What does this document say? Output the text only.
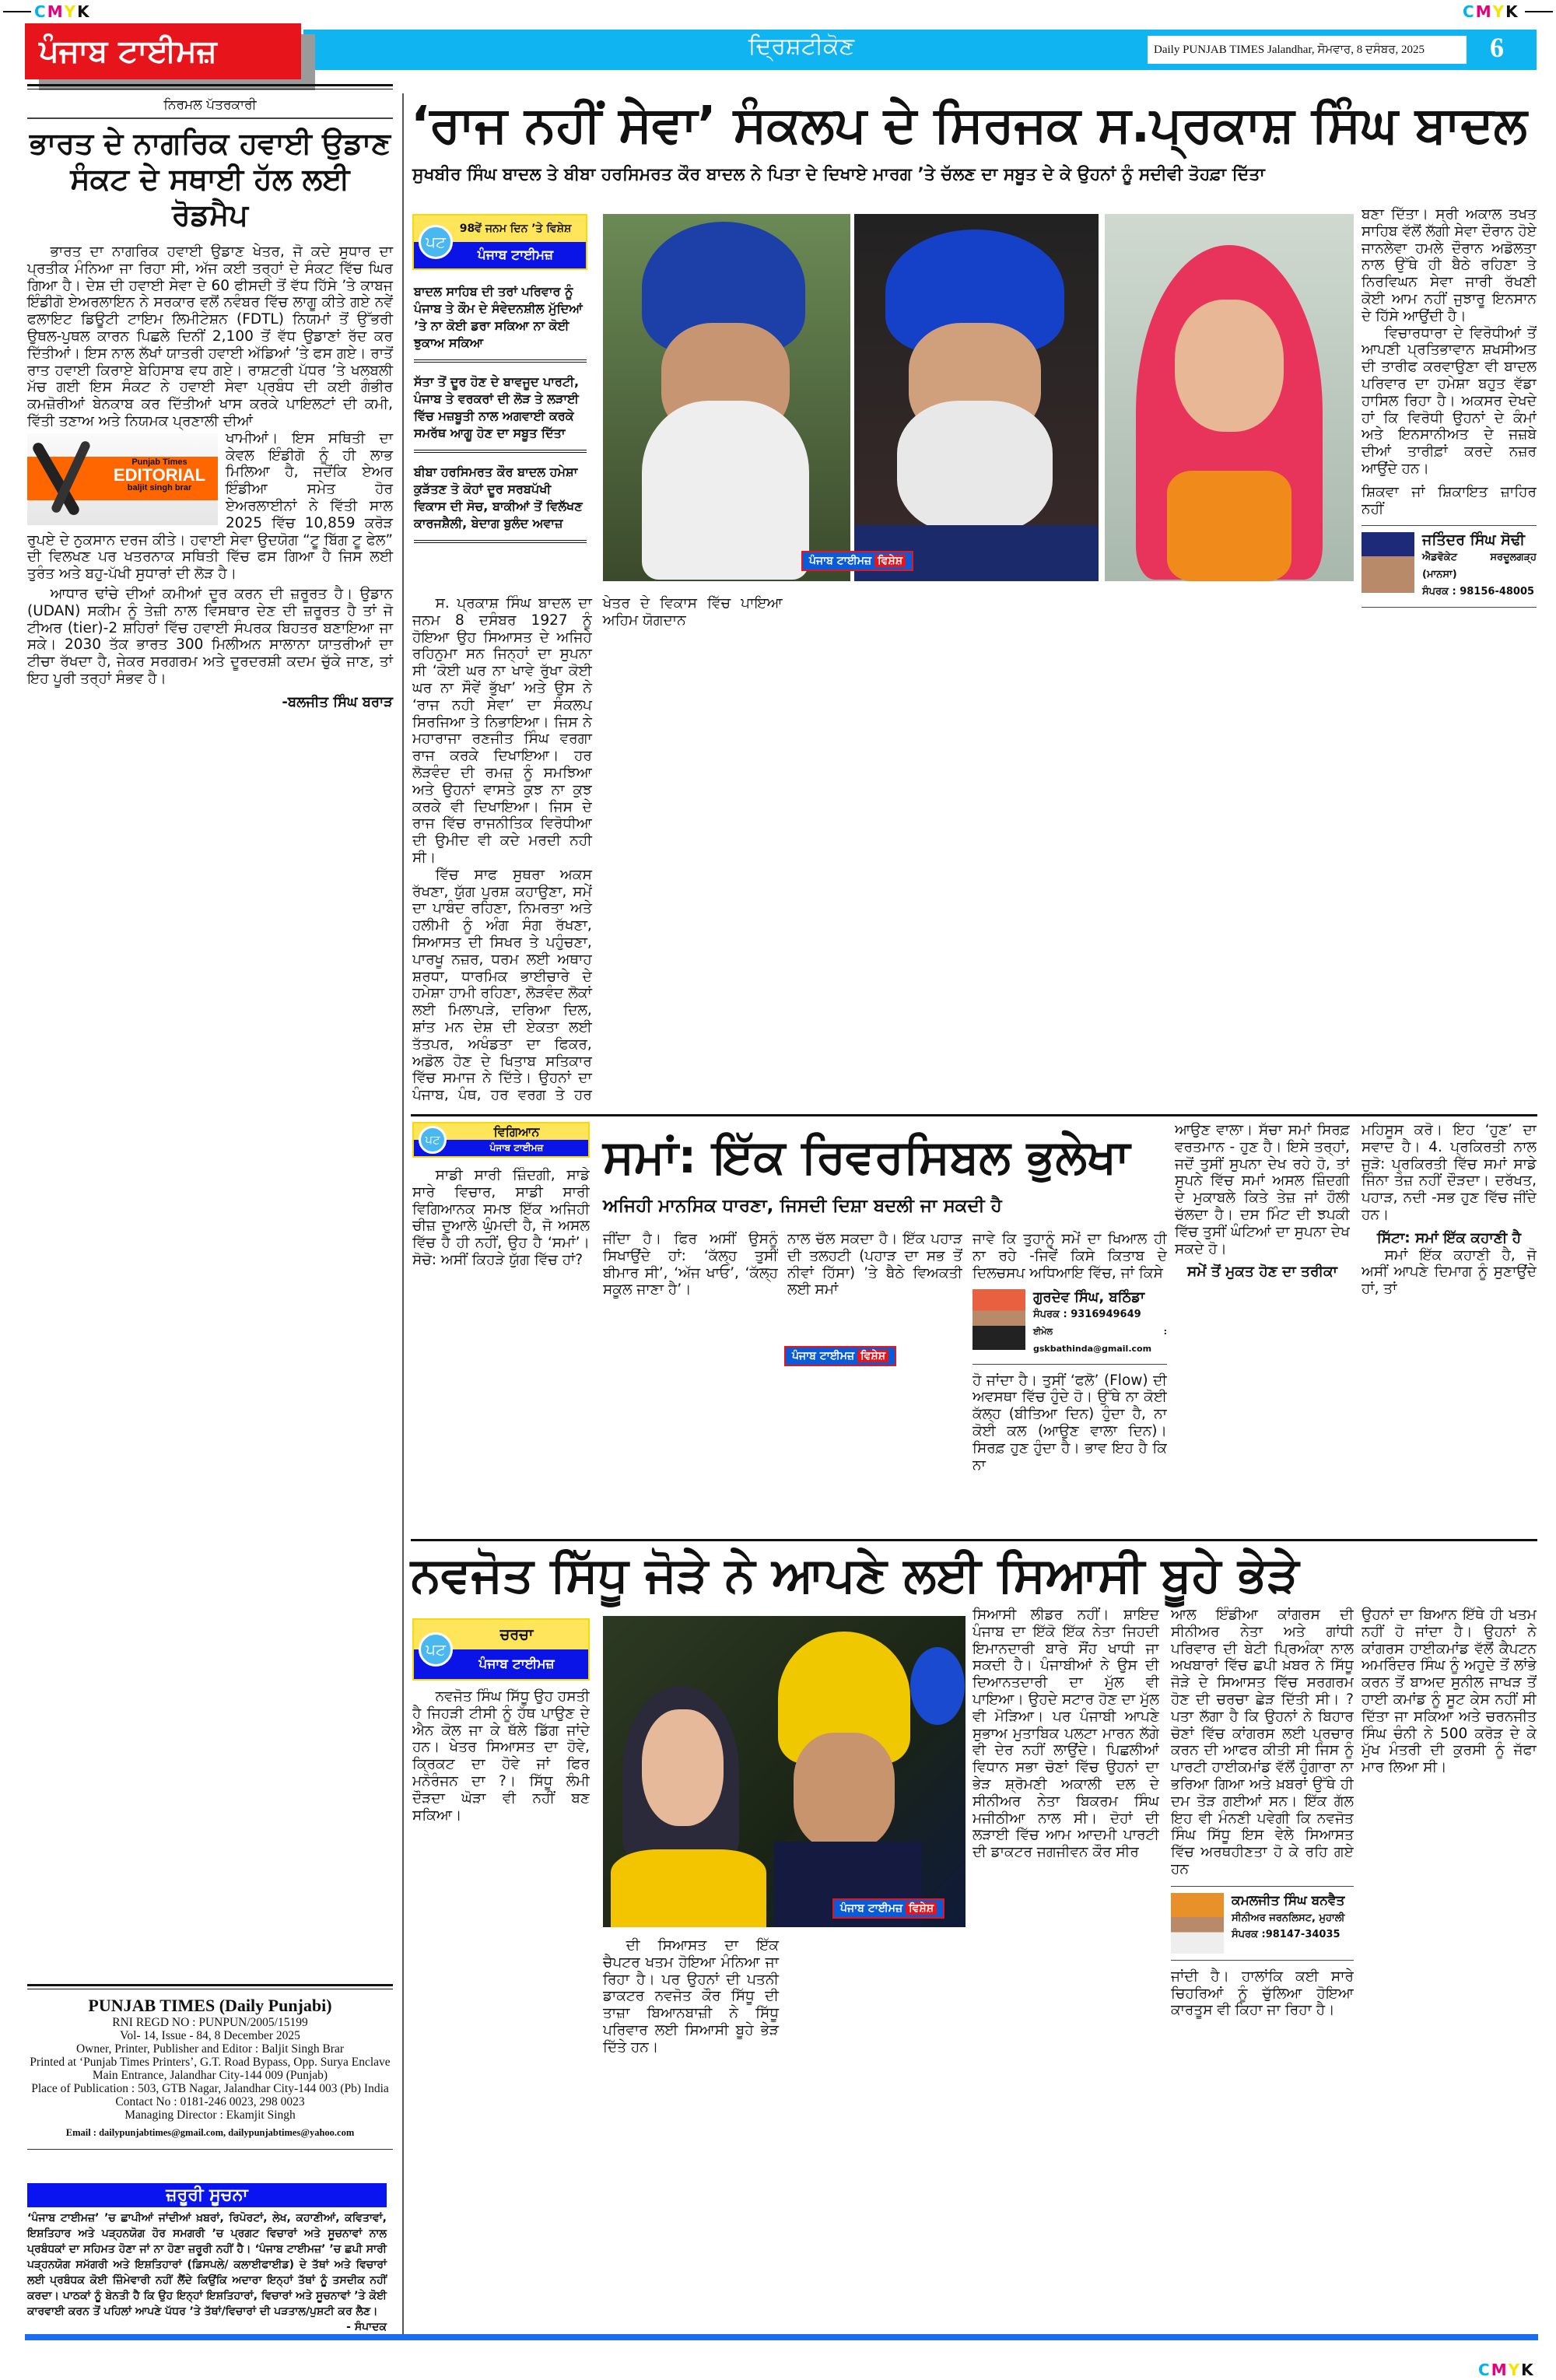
CMYK	CMYK
CMYK
ਪੰਜਾਬ ਟਾਈਮਜ਼	ਦ੍ਰਿਸ਼ਟੀਕੋਣ	Daily PUNJAB TIMES Jalandhar, ਸੋਮਵਾਰ, 8 ਦਸੰਬਰ, 2025 6
ਨਿਰਮਲ ਪੱਤਰਕਾਰੀ
ਭਾਰਤ ਦੇ ਨਾਗਰਿਕ ਹਵਾਈ ਉਡਾਣ ਸੰਕਟ ਦੇ ਸਥਾਈ ਹੱਲ ਲਈ ਰੋਡਮੈਪ

ਭਾਰਤ ਦਾ ਨਾਗਰਿਕ ਹਵਾਈ ਉਡਾਣ ਖੇਤਰ, ਜੋ ਕਦੇ ਸੁਧਾਰ ਦਾ ਪ੍ਰਤੀਕ ਮੰਨਿਆ ਜਾ ਰਿਹਾ ਸੀ, ਅੱਜ ਕਈ ਤਰ੍ਹਾਂ ਦੇ ਸੰਕਟ ਵਿੱਚ ਘਿਰ ਗਿਆ ਹੈ। ਦੇਸ਼ ਦੀ ਹਵਾਈ ਸੇਵਾ ਦੇ 60 ਫੀਸਦੀ ਤੋਂ ਵੱਧ ਹਿੱਸੇ ’ਤੇ ਕਾਬਜ ਇੰਡੀਗੋ ਏਅਰਲਾਇਨ ਨੇ ਸਰਕਾਰ ਵਲੋਂ ਨਵੰਬਰ ਵਿੱਚ ਲਾਗੂ ਕੀਤੇ ਗਏ ਨਵੇਂ ਫਲਾਇਟ ਡਿਊਟੀ ਟਾਇਮ ਲਿਮੀਟੇਸ਼ਨ (FDTL) ਨਿਯਮਾਂ ਤੋਂ ਉੱਭਰੀ ਉਥਲ-ਪੁਥਲ ਕਾਰਨ ਪਿਛਲੇ ਦਿਨੀਂ 2,100 ਤੋਂ ਵੱਧ ਉਡਾਣਾਂ ਰੱਦ ਕਰ ਦਿੱਤੀਆਂ। ਇਸ ਨਾਲ ਲੱਖਾਂ ਯਾਤਰੀ ਹਵਾਈ ਅੱਡਿਆਂ ’ਤੇ ਫਸ ਗਏ। ਰਾਤੋਂ ਰਾਤ ਹਵਾਈ ਕਿਰਾਏ ਬੇਹਿਸਾਬ ਵਧ ਗਏ। ਰਾਸ਼ਟਰੀ ਪੱਧਰ ’ਤੇ ਖਲਬਲੀ ਮੱਚ ਗਈ ਇਸ ਸੰਕਟ ਨੇ ਹਵਾਈ ਸੇਵਾ ਪ੍ਰਬੰਧ ਦੀ ਕਈ ਗੰਭੀਰ ਕਮਜ਼ੋਰੀਆਂ ਬੇਨਕਾਬ ਕਰ ਦਿੱਤੀਆਂ ਖਾਸ ਕਰਕੇ ਪਾਇਲਟਾਂ ਦੀ ਕਮੀ, ਵਿੱਤੀ ਤਣਾਅ ਅਤੇ ਨਿਯਮਕ ਪ੍ਰਣਾਲੀ ਦੀਆਂ

Punjab Times
EDITORIAL
baljit singh brar
ਖਾਮੀਆਂ। ਇਸ ਸਥਿਤੀ ਦਾ ਕੇਵਲ ਇੰਡੀਗੋ ਨੂੰ ਹੀ ਲਾਭ ਮਿਲਿਆ ਹੈ, ਜਦੋਂਕਿ ਏਅਰ ਇੰਡੀਆ ਸਮੇਤ ਹੋਰ ਏਅਰਲਾਈਨਾਂ ਨੇ ਵਿੱਤੀ ਸਾਲ 2025 ਵਿੱਚ 10,859 ਕਰੋੜ ਰੁਪਏ ਦੇ ਨੁਕਸਾਨ ਦਰਜ ਕੀਤੇ। ਹਵਾਈ ਸੇਵਾ ਉਦਯੋਗ “ਟੂ ਬਿੱਗ ਟੂ ਫੇਲ” ਦੀ ਵਿਲਖਣ ਪਰ ਖਤਰਨਾਕ ਸਥਿਤੀ ਵਿੱਚ ਫਸ ਗਿਆ ਹੈ ਜਿਸ ਲਈ ਤੁਰੰਤ ਅਤੇ ਬਹੁ-ਪੱਖੀ ਸੁਧਾਰਾਂ ਦੀ ਲੋੜ ਹੈ।

ਆਧਾਰ ਢਾਂਚੇ ਦੀਆਂ ਕਮੀਆਂ ਦੂਰ ਕਰਨ ਦੀ ਜ਼ਰੂਰਤ ਹੈ। ਉਡਾਨ (UDAN) ਸਕੀਮ ਨੂੰ ਤੇਜ਼ੀ ਨਾਲ ਵਿਸਥਾਰ ਦੇਣ ਦੀ ਜ਼ਰੂਰਤ ਹੈ ਤਾਂ ਜੋ ਟੀਅਰ (tier)-2 ਸ਼ਹਿਰਾਂ ਵਿੱਚ ਹਵਾਈ ਸੰਪਰਕ ਬਿਹਤਰ ਬਣਾਇਆ ਜਾ ਸਕੇ। 2030 ਤੱਕ ਭਾਰਤ 300 ਮਿਲੀਅਨ ਸਾਲਾਨਾ ਯਾਤਰੀਆਂ ਦਾ ਟੀਚਾ ਰੱਖਦਾ ਹੈ, ਜੇਕਰ ਸਰਗਰਮ ਅਤੇ ਦੂਰਦਰਸ਼ੀ ਕਦਮ ਚੁੱਕੇ ਜਾਣ, ਤਾਂ ਇਹ ਪੂਰੀ ਤਰ੍ਹਾਂ ਸੰਭਵ ਹੈ।

-ਬਲਜੀਤ ਸਿੰਘ ਬਰਾੜ
PUNJAB TIMES (Daily Punjabi)
RNI REGD NO : PUNPUN/2005/15199
Vol- 14, Issue - 84, 8 December 2025
Owner, Printer, Publisher and Editor : Baljit Singh Brar
Printed at ‘Punjab Times Printers’, G.T. Road Bypass, Opp. Surya Enclave Main Entrance, Jalandhar City-144 009 (Punjab)
Place of Publication : 503, GTB Nagar, Jalandhar City-144 003 (Pb) India
Contact No : 0181-246 0023, 298 0023
Managing Director : Ekamjit Singh
Email : dailypunjabtimes@gmail.com, dailypunjabtimes@yahoo.com
ਜ਼ਰੂਰੀ ਸੂਚਨਾ
‘ਪੰਜਾਬ ਟਾਈਮਜ਼’ ’ਚ ਛਾਪੀਆਂ ਜਾਂਦੀਆਂ ਖ਼ਬਰਾਂ, ਰਿਪੋਰਟਾਂ, ਲੇਖ, ਕਹਾਣੀਆਂ, ਕਵਿਤਾਵਾਂ, ਇਸ਼ਤਿਹਾਰ ਅਤੇ ਪੜ੍ਹਨਯੋਗ ਹੋਰ ਸਮਗਰੀ ’ਚ ਪ੍ਰਗਟ ਵਿਚਾਰਾਂ ਅਤੇ ਸੂਚਨਾਵਾਂ ਨਾਲ ਪ੍ਰਬੰਧਕਾਂ ਦਾ ਸਹਿਮਤ ਹੋਣਾ ਜਾਂ ਨਾ ਹੋਣਾ ਜ਼ਰੂਰੀ ਨਹੀਂ ਹੈ। ‘ਪੰਜਾਬ ਟਾਈਮਜ਼’ ’ਚ ਛਪੀ ਸਾਰੀ ਪੜ੍ਹਨਯੋਗ ਸਮੱਗਰੀ ਅਤੇ ਇਸ਼ਤਿਹਾਰਾਂ (ਡਿਸਪਲੇ/ ਕਲਾਈਫਾਈਡ) ਦੇ ਤੱਥਾਂ ਅਤੇ ਵਿਚਾਰਾਂ ਲਈ ਪ੍ਰਬੰਧਕ ਕੋਈ ਜ਼ਿੰਮੇਵਾਰੀ ਨਹੀਂ ਲੈਂਦੇ ਕਿਉਂਕਿ ਅਦਾਰਾ ਇਨ੍ਹਾਂ ਤੱਥਾਂ ਨੂੰ ਤਸਦੀਕ ਨਹੀਂ ਕਰਦਾ। ਪਾਠਕਾਂ ਨੂੰ ਬੇਨਤੀ ਹੈ ਕਿ ਉਹ ਇਨ੍ਹਾਂ ਇਸ਼ਤਿਹਾਰਾਂ, ਵਿਚਾਰਾਂ ਅਤੇ ਸੂਚਨਾਵਾਂ ’ਤੇ ਕੋਈ ਕਾਰਵਾਈ ਕਰਨ ਤੋਂ ਪਹਿਲਾਂ ਆਪਣੇ ਪੱਧਰ ’ਤੇ ਤੱਥਾਂ/ਵਿਚਾਰਾਂ ਦੀ ਪੜਤਾਲ/ਪੁਸ਼ਟੀ ਕਰ ਲੈਣ।
- ਸੰਪਾਦਕ
‘ਰਾਜ ਨਹੀਂ ਸੇਵਾ’ ਸੰਕਲਪ ਦੇ ਸਿਰਜਕ ਸ.ਪ੍ਰਕਾਸ਼ ਸਿੰਘ ਬਾਦਲ
ਸੁਖਬੀਰ ਸਿੰਘ ਬਾਦਲ ਤੇ ਬੀਬਾ ਹਰਸਿਮਰਤ ਕੌਰ ਬਾਦਲ ਨੇ ਪਿਤਾ ਦੇ ਦਿਖਾਏ ਮਾਰਗ ’ਤੇ ਚੱਲਣ ਦਾ ਸਬੂਤ ਦੇ ਕੇ ਉਹਨਾਂ ਨੂੰ ਸਦੀਵੀ ਤੋਹਫ਼ਾ ਦਿੱਤਾ
ਪਟ
98ਵੇਂ ਜਨਮ ਦਿਨ ’ਤੇ ਵਿਸ਼ੇਸ਼
ਪੰਜਾਬ ਟਾਈਮਜ਼
ਬਾਦਲ ਸਾਹਿਬ ਦੀ ਤਰਾਂ ਪਰਿਵਾਰ ਨੂੰ ਪੰਜਾਬ ਤੇ ਕੌਮ ਦੇ ਸੰਵੇਦਨਸ਼ੀਲ ਮੁੱਦਿਆਂ ’ਤੇ ਨਾ ਕੋਈ ਡਰਾ ਸਕਿਆ ਨਾ ਕੋਈ ਝੁਕਾਅ ਸਕਿਆ
ਸੱਤਾ ਤੋਂ ਦੂਰ ਹੋਣ ਦੇ ਬਾਵਜੂਦ ਪਾਰਟੀ, ਪੰਜਾਬ ਤੇ ਵਰਕਰਾਂ ਦੀ ਲੋੜ ਤੇ ਲੜਾਈ ਵਿੱਚ ਮਜ਼ਬੂਤੀ ਨਾਲ ਅਗਵਾਈ ਕਰਕੇ ਸਮਰੱਥ ਆਗੂ ਹੋਣ ਦਾ ਸਬੂਤ ਦਿੱਤਾ
ਬੀਬਾ ਹਰਸਿਮਰਤ ਕੌਰ ਬਾਦਲ ਹਮੇਸ਼ਾ ਕੁੜੱਤਣ ਤੋ ਕੋਹਾਂ ਦੂਰ ਸਰਬਪੱਖੀ ਵਿਕਾਸ ਦੀ ਸੋਚ, ਬਾਕੀਆਂ ਤੋਂ ਵਿਲੱਖਣ ਕਾਰਜਸ਼ੈਲੀ, ਬੇਦਾਗ ਬੁਲੰਦ ਅਵਾਜ਼
ਪੰਜਾਬ ਟਾਈਮਜ਼ ਵਿਸ਼ੇਸ਼

ਸ. ਪ੍ਰਕਾਸ਼ ਸਿੰਘ ਬਾਦਲ ਦਾ ਜਨਮ 8 ਦਸੰਬਰ 1927 ਨੂੰ ਹੋਇਆ ਉਹ ਸਿਆਸਤ ਦੇ ਅਜਿਹੇ ਰਹਿਨੁਮਾ ਸਨ ਜਿਨ੍ਹਾਂ ਦਾ ਸੁਪਨਾ ਸੀ ‘ਕੋਈ ਘਰ ਨਾ ਖਾਵੇ ਰੁੱਖਾ ਕੋਈ ਘਰ ਨਾ ਸੌਵੇਂ ਭੁੱਖਾ’ ਅਤੇ ਉਸ ਨੇ ‘ਰਾਜ ਨਹੀ ਸੇਵਾ’ ਦਾ ਸੰਕਲਪ ਸਿਰਜਿਆ ਤੇ ਨਿਭਾਇਆ। ਜਿਸ ਨੇ ਮਹਾਰਾਜਾ ਰਣਜੀਤ ਸਿੰਘ ਵਰਗਾ ਰਾਜ ਕਰਕੇ ਦਿਖਾਇਆ। ਹਰ ਲੋੜਵੰਦ ਦੀ ਰਮਜ਼ ਨੂੰ ਸਮਝਿਆ ਅਤੇ ਉਹਨਾਂ ਵਾਸਤੇ ਕੁਝ ਨਾ ਕੁਝ ਕਰਕੇ ਵੀ ਦਿਖਾਇਆ। ਜਿਸ ਦੇ ਰਾਜ ਵਿੱਚ ਰਾਜਨੀਤਿਕ ਵਿਰੋਧੀਆ ਦੀ ਉਮੀਦ ਵੀ ਕਦੇ ਮਰਦੀ ਨਹੀ ਸੀ।

ਵਿੱਚ ਸਾਫ ਸੁਥਰਾ ਅਕਸ ਰੱਖਣਾ, ਯੁੱਗ ਪੁਰਸ਼ ਕਹਾਉਣਾ, ਸਮੇਂ ਦਾ ਪਾਬੰਦ ਰਹਿਣਾ, ਨਿਮਰਤਾ ਅਤੇ ਹਲੀਮੀ ਨੂੰ ਅੰਗ ਸੰਗ ਰੱਖਣਾ, ਸਿਆਸਤ ਦੀ ਸਿਖਰ ਤੇ ਪਹੁੰਚਣਾ, ਪਾਰਖੂ ਨਜ਼ਰ, ਧਰਮ ਲਈ ਅਥਾਹ ਸ਼ਰਧਾ, ਧਾਰਮਿਕ ਭਾਈਚਾਰੇ ਦੇ ਹਮੇਸ਼ਾ ਹਾਮੀ ਰਹਿਣਾ, ਲੋੜਵੰਦ ਲੋਕਾਂ ਲਈ ਮਿਲਾਪੜੇ, ਦਰਿਆ ਦਿਲ, ਸ਼ਾਂਤ ਮਨ ਦੇਸ਼ ਦੀ ਏਕਤਾ ਲਈ ਤੱਤਪਰ, ਅਖੰਡਤਾ ਦਾ ਫਿਕਰ, ਅਡੋਲ ਹੋਣ ਦੇ ਖਿਤਾਬ ਸਤਿਕਾਰ ਵਿੱਚ ਸਮਾਜ ਨੇ ਦਿੱਤੇ। ਉਹਨਾਂ ਦਾ ਪੰਜਾਬ, ਪੰਥ, ਹਰ ਵਰਗ ਤੇ ਹਰ ਖੇਤਰ ਦੇ ਵਿਕਾਸ ਵਿੱਚ ਪਾਇਆ ਅਹਿਮ ਯੋਗਦਾਨ

ਬਣਾ ਦਿੱਤਾ। ਸ੍ਰੀ ਅਕਾਲ ਤਖਤ ਸਾਹਿਬ ਵੱਲੋਂ ਲੱਗੀ ਸੇਵਾ ਦੌਰਾਨ ਹੋਏ ਜਾਨਲੇਵਾ ਹਮਲੇ ਦੌਰਾਨ ਅਡੋਲਤਾ ਨਾਲ ਉੱਥੇ ਹੀ ਬੈਠੇ ਰਹਿਣਾ ਤੇ ਨਿਰਵਿਘਨ ਸੇਵਾ ਜਾਰੀ ਰੱਖਣੀ ਕੋਈ ਆਮ ਨਹੀਂ ਜੁਝਾਰੂ ਇਨਸਾਨ ਦੇ ਹਿੱਸੇ ਆਉਂਦੀ ਹੈ।

ਵਿਚਾਰਧਾਰਾ ਦੇ ਵਿਰੋਧੀਆਂ ਤੋਂ ਆਪਣੀ ਪ੍ਰਤਿਭਾਵਾਨ ਸ਼ਖਸੀਅਤ ਦੀ ਤਾਰੀਫ ਕਰਵਾਉਣਾ ਵੀ ਬਾਦਲ ਪਰਿਵਾਰ ਦਾ ਹਮੇਸ਼ਾ ਬਹੁਤ ਵੱਡਾ ਹਾਸਿਲ ਰਿਹਾ ਹੈ। ਅਕਸਰ ਦੇਖਦੇ ਹਾਂ ਕਿ ਵਿਰੋਧੀ ਉਹਨਾਂ ਦੇ ਕੰਮਾਂ ਅਤੇ ਇਨਸਾਨੀਅਤ ਦੇ ਜਜ਼ਬੇ ਦੀਆਂ ਤਾਰੀਫ਼ਾਂ ਕਰਦੇ ਨਜ਼ਰ ਆਉਂਦੇ ਹਨ।

ਸ਼ਿਕਵਾ ਜਾਂ ਸ਼ਿਕਾਇਤ ਜ਼ਾਹਿਰ ਨਹੀਂ
ਜਤਿੰਦਰ ਸਿੰਘ ਸੋਢੀ
ਐਡਵੋਕੇਟ ਸਰਦੂਲਗੜ੍ਹ (ਮਾਨਸਾ)
ਸੰਪਰਕ : 98156-48005
ਪਟ
ਵਿਗਿਆਨ
ਪੰਜਾਬ ਟਾਈਮਜ਼

ਸਾਡੀ ਸਾਰੀ ਜ਼ਿੰਦਗੀ, ਸਾਡੇ ਸਾਰੇ ਵਿਚਾਰ, ਸਾਡੀ ਸਾਰੀ ਵਿਗਿਆਨਕ ਸਮਝ ਇੱਕ ਅਜਿਹੀ ਚੀਜ਼ ਦੁਆਲੇ ਘੁੰਮਦੀ ਹੈ, ਜੋ ਅਸਲ ਵਿੱਚ ਹੈ ਹੀ ਨਹੀਂ, ਉਹ ਹੈ ‘ਸਮਾਂ’। ਸੋਚੋ: ਅਸੀਂ ਕਿਹੜੇ ਯੁੱਗ ਵਿੱਚ ਹਾਂ?

ਸਮਾਂ: ਇੱਕ ਰਿਵਰਸਿਬਲ ਭੁਲੇਖਾ
ਅਜਿਹੀ ਮਾਨਸਿਕ ਧਾਰਣਾ, ਜਿਸਦੀ ਦਿਸ਼ਾ ਬਦਲੀ ਜਾ ਸਕਦੀ ਹੈ
ਜੀਂਦਾ ਹੈ। ਫਿਰ ਅਸੀਂ ਉਸਨੂੰ ਸਿਖਾਉਂਦੇ ਹਾਂ: ‘ਕੱਲ੍ਹ ਤੁਸੀਂ ਬੀਮਾਰ ਸੀ’, ‘ਅੱਜ ਖਾਓ’, ‘ਕੱਲ੍ਹ ਸਕੂਲ ਜਾਣਾ ਹੈ’।
ਨਾਲ ਚੱਲ ਸਕਦਾ ਹੈ। ਇੱਕ ਪਹਾੜ ਦੀ ਤਲਹਟੀ (ਪਹਾੜ ਦਾ ਸਭ ਤੋਂ ਨੀਵਾਂ ਹਿੱਸਾ) ’ਤੇ ਬੈਠੇ ਵਿਅਕਤੀ ਲਈ ਸਮਾਂ
ਪੰਜਾਬ ਟਾਈਮਜ਼ ਵਿਸ਼ੇਸ਼
ਜਾਵੇ ਕਿ ਤੁਹਾਨੂੰ ਸਮੇਂ ਦਾ ਖਿਆਲ ਹੀ ਨਾ ਰਹੇ -ਜਿਵੇਂ ਕਿਸੇ ਕਿਤਾਬ ਦੇ ਦਿਲਚਸਪ ਅਧਿਆਇ ਵਿੱਚ, ਜਾਂ ਕਿਸੇ
ਗੁਰਦੇਵ ਸਿੰਘ, ਬਠਿੰਡਾ
ਸੰਪਰਕ : 9316949649
ਈਮੇਲ : gskbathinda@gmail.com
ਹੋ ਜਾਂਦਾ ਹੈ। ਤੁਸੀਂ ‘ਫਲੋ’ (Flow) ਦੀ ਅਵਸਥਾ ਵਿੱਚ ਹੁੰਦੇ ਹੋ। ਉੱਥੇ ਨਾ ਕੋਈ ਕੱਲ੍ਹ (ਬੀਤਿਆ ਦਿਨ) ਹੁੰਦਾ ਹੈ, ਨਾ ਕੋਈ ਕਲ (ਆਉਣ ਵਾਲਾ ਦਿਨ)। ਸਿਰਫ਼ ਹੁਣ ਹੁੰਦਾ ਹੈ। ਭਾਵ ਇਹ ਹੈ ਕਿ ਨਾ
ਆਉਣ ਵਾਲਾ। ਸੱਚਾ ਸਮਾਂ ਸਿਰਫ਼ ਵਰਤਮਾਨ - ਹੁਣ ਹੈ। ਇਸੇ ਤਰ੍ਹਾਂ, ਜਦੋਂ ਤੁਸੀਂ ਸੁਪਨਾ ਦੇਖ ਰਹੇ ਹੋ, ਤਾਂ ਸੁਪਨੇ ਵਿੱਚ ਸਮਾਂ ਅਸਲ ਜ਼ਿੰਦਗੀ ਦੇ ਮੁਕਾਬਲੇ ਕਿਤੇ ਤੇਜ਼ ਜਾਂ ਹੌਲੀ ਚੱਲਦਾ ਹੈ। ਦਸ ਮਿੰਟ ਦੀ ਝਪਕੀ ਵਿੱਚ ਤੁਸੀਂ ਘੰਟਿਆਂ ਦਾ ਸੁਪਨਾ ਦੇਖ ਸਕਦੇ ਹੋ।
ਸਮੇਂ ਤੋਂ ਮੁਕਤ ਹੋਣ ਦਾ ਤਰੀਕਾ
ਮਹਿਸੂਸ ਕਰੋ। ਇਹ ‘ਹੁਣ’ ਦਾ ਸਵਾਦ ਹੈ। 4. ਪ੍ਰਕਿਰਤੀ ਨਾਲ ਜੁੜੋ: ਪ੍ਰਕਿਰਤੀ ਵਿੱਚ ਸਮਾਂ ਸਾਡੇ ਜਿੰਨਾ ਤੇਜ਼ ਨਹੀਂ ਦੌੜਦਾ। ਦਰੱਖਤ, ਪਹਾੜ, ਨਦੀ -ਸਭ ਹੁਣ ਵਿੱਚ ਜੀਂਦੇ ਹਨ।
ਸਿੱਟਾ: ਸਮਾਂ ਇੱਕ ਕਹਾਣੀ ਹੈ

ਸਮਾਂ ਇੱਕ ਕਹਾਣੀ ਹੈ, ਜੋ ਅਸੀਂ ਆਪਣੇ ਦਿਮਾਗ ਨੂੰ ਸੁਣਾਉਂਦੇ ਹਾਂ, ਤਾਂ

ਨਵਜੋਤ ਸਿੱਧੂ ਜੋੜੇ ਨੇ ਆਪਣੇ ਲਈ ਸਿਆਸੀ ਬੂਹੇ ਭੇੜੇ
ਪਟ
ਚਰਚਾ
ਪੰਜਾਬ ਟਾਈਮਜ਼

ਨਵਜੋਤ ਸਿੰਘ ਸਿੱਧੂ ਉਹ ਹਸਤੀ ਹੈ ਜਿਹੜੀ ਟੀਸੀ ਨੂੰ ਹੱਥ ਪਾਉਣ ਦੇ ਐਨ ਕੋਲ ਜਾ ਕੇ ਥੱਲੇ ਡਿੱਗ ਜਾਂਦੇ ਹਨ। ਖੇਤਰ ਸਿਆਸਤ ਦਾ ਹੋਵੇ, ਕ੍ਰਿਕਟ ਦਾ ਹੋਵੇ ਜਾਂ ਫਿਰ ਮਨੋਰੰਜਨ ਦਾ ?। ਸਿੱਧੂ ਲੰਮੀ ਦੌੜਦਾ ਘੋੜਾ ਵੀ ਨਹੀਂ ਬਣ ਸਕਿਆ।

ਪੰਜਾਬ ਟਾਈਮਜ਼ ਵਿਸ਼ੇਸ਼

ਦੀ ਸਿਆਸਤ ਦਾ ਇੱਕ ਚੈਪਟਰ ਖਤਮ ਹੋਇਆ ਮੰਨਿਆ ਜਾ ਰਿਹਾ ਹੈ। ਪਰ ਉਹਨਾਂ ਦੀ ਪਤਨੀ ਡਾਕਟਰ ਨਵਜੋਤ ਕੌਰ ਸਿੱਧੂ ਦੀ ਤਾਜ਼ਾ ਬਿਆਨਬਾਜ਼ੀ ਨੇ ਸਿੱਧੂ ਪਰਿਵਾਰ ਲਈ ਸਿਆਸੀ ਬੂਹੇ ਭੇੜ ਦਿੱਤੇ ਹਨ।

ਸਿਆਸੀ ਲੀਡਰ ਨਹੀਂ। ਸ਼ਾਇਦ ਪੰਜਾਬ ਦਾ ਇੱਕੋ ਇੱਕ ਨੇਤਾ ਜਿਹਦੀ ਇਮਾਨਦਾਰੀ ਬਾਰੇ ਸੌਂਹ ਖਾਧੀ ਜਾ ਸਕਦੀ ਹੈ। ਪੰਜਾਬੀਆਂ ਨੇ ਉਸ ਦੀ ਦਿਆਨਤਦਾਰੀ ਦਾ ਮੁੱਲ ਵੀ ਪਾਇਆ। ਉਹਦੇ ਸਟਾਰ ਹੋਣ ਦਾ ਮੁੱਲ ਵੀ ਮੋੜਿਆ। ਪਰ ਪੰਜਾਬੀ ਆਪਣੇ ਸੁਭਾਅ ਮੁਤਾਬਿਕ ਪਲਟਾ ਮਾਰਨ ਲੱਗੇ ਵੀ ਦੇਰ ਨਹੀਂ ਲਾਉਂਦੇ। ਪਿਛਲੀਆਂ ਵਿਧਾਨ ਸਭਾ ਚੋਣਾਂ ਵਿੱਚ ਉਹਨਾਂ ਦਾ ਭੇੜ ਸ਼੍ਰੋਮਣੀ ਅਕਾਲੀ ਦਲ ਦੇ ਸੀਨੀਅਰ ਨੇਤਾ ਬਿਕਰਮ ਸਿੰਘ ਮਜੀਠੀਆ ਨਾਲ ਸੀ। ਦੋਹਾਂ ਦੀ ਲੜਾਈ ਵਿੱਚ ਆਮ ਆਦਮੀ ਪਾਰਟੀ ਦੀ ਡਾਕਟਰ ਜਗਜੀਵਨ ਕੌਰ ਸੀਰ
ਆਲ ਇੰਡੀਆ ਕਾਂਗਰਸ ਦੀ ਸੀਨੀਅਰ ਨੇਤਾ ਅਤੇ ਗਾਂਧੀ ਪਰਿਵਾਰ ਦੀ ਬੇਟੀ ਪ੍ਰਿਅੰਕਾ ਨਾਲ ਅਖਬਾਰਾਂ ਵਿੱਚ ਛਪੀ ਖ਼ਬਰ ਨੇ ਸਿੱਧੂ ਜੋੜੇ ਦੇ ਸਿਆਸਤ ਵਿੱਚ ਸਰਗਰਮ ਹੋਣ ਦੀ ਚਰਚਾ ਛੇੜ ਦਿੱਤੀ ਸੀ। ? ਪਤਾ ਲੱਗਾ ਹੈ ਕਿ ਉਹਨਾਂ ਨੇ ਬਿਹਾਰ ਚੋਣਾਂ ਵਿੱਚ ਕਾਂਗਰਸ ਲਈ ਪ੍ਰਚਾਰ ਕਰਨ ਦੀ ਆਫਰ ਕੀਤੀ ਸੀ ਜਿਸ ਨੂੰ ਪਾਰਟੀ ਹਾਈਕਮਾਂਡ ਵੱਲੋਂ ਹੁੰਗਾਰਾ ਨਾ ਭਰਿਆ ਗਿਆ ਅਤੇ ਖ਼ਬਰਾਂ ਉੱਥੇ ਹੀ ਦਮ ਤੋੜ ਗਈਆਂ ਸਨ। ਇੱਕ ਗੱਲ ਇਹ ਵੀ ਮੰਨਣੀ ਪਵੇਗੀ ਕਿ ਨਵਜੋਤ ਸਿੰਘ ਸਿੱਧੂ ਇਸ ਵੇਲੇ ਸਿਆਸਤ ਵਿੱਚ ਅਰਥਹੀਣਤਾ ਹੋ ਕੇ ਰਹਿ ਗਏ ਹਨ
ਕਮਲਜੀਤ ਸਿੰਘ ਬਨਵੈਤ
ਸੀਨੀਅਰ ਜਰਨਲਿਸਟ, ਮੁਹਾਲੀ
ਸੰਪਰਕ :98147-34035
ਜਾਂਦੀ ਹੈ। ਹਾਲਾਂਕਿ ਕਈ ਸਾਰੇ ਚਿਹਰਿਆਂ ਨੂੰ ਚੁੱਲਿਆ ਹੋਇਆ ਕਾਰਤੂਸ ਵੀ ਕਿਹਾ ਜਾ ਰਿਹਾ ਹੈ।
ਉਹਨਾਂ ਦਾ ਬਿਆਨ ਇੱਥੇ ਹੀ ਖਤਮ ਨਹੀਂ ਹੋ ਜਾਂਦਾ ਹੈ। ਉਹਨਾਂ ਨੇ ਕਾਂਗਰਸ ਹਾਈਕਮਾਂਡ ਵੱਲੋਂ ਕੈਪਟਨ ਅਮਰਿੰਦਰ ਸਿੰਘ ਨੂੰ ਅਹੁਦੇ ਤੋਂ ਲਾਂਭੇ ਕਰਨ ਤੋਂ ਬਾਅਦ ਸੁਨੀਲ ਜਾਖੜ ਤੋਂ ਹਾਈ ਕਮਾਂਡ ਨੂੰ ਸੂਟ ਕੇਸ ਨਹੀਂ ਸੀ ਦਿੱਤਾ ਜਾ ਸਕਿਆ ਅਤੇ ਚਰਨਜੀਤ ਸਿੰਘ ਚੰਨੀ ਨੇ 500 ਕਰੋੜ ਦੇ ਕੇ ਮੁੱਖ ਮੰਤਰੀ ਦੀ ਕੁਰਸੀ ਨੂੰ ਜੱਫਾ ਮਾਰ ਲਿਆ ਸੀ।
